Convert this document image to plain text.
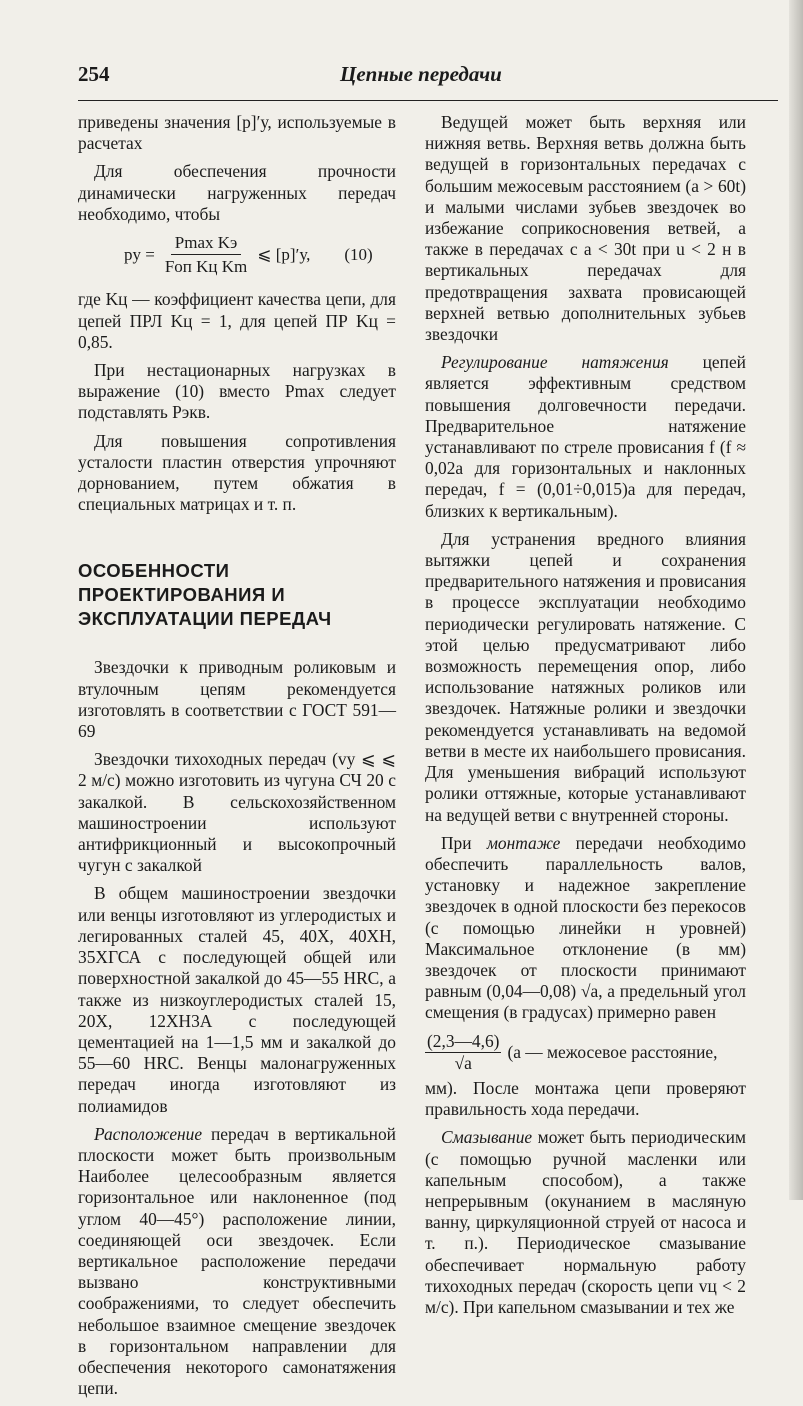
254	Цепные передачи

приведены значения [p]′у, используемые в расчетах

Для обеспечения прочности динамически нагруженных передач необходимо, чтобы

pу = $\frac{\text{Pmax Kэ}}{\text{Fоп Kц Km}}$ ⩽ [p]′у, (10)

где Kц — коэффициент качества цепи, для цепей ПРЛ Kц = 1, для цепей ПР Kц = 0,85.

При нестационарных нагрузках в выражение (10) вместо Pmax следует подставлять Pэкв.

Для повышения сопротивления усталости пластин отверстия упрочняют дорнованием, путем обжатия в специальных матрицах и т. п.

ОСОБЕННОСТИ ПРОЕКТИРОВАНИЯ И ЭКСПЛУАТАЦИИ ПЕРЕДАЧ

Звездочки к приводным роликовым и втулочным цепям рекомендуется изготовлять в соответствии с ГОСТ 591—69

Звездочки тихоходных передач (vу ⩽ ⩽ 2 м/с) можно изготовить из чугуна СЧ 20 с закалкой. В сельскохозяйственном машиностроении используют антифрикционный и высокопрочный чугун с закалкой

В общем машиностроении звездочки или венцы изготовляют из углеродистых и легированных сталей 45, 40Х, 40ХН, 35ХГСА с последующей общей или поверхностной закалкой до 45—55 HRC, а также из низкоуглеродистых сталей 15, 20Х, 12ХН3А с последующей цементацией на 1—1,5 мм и закалкой до 55—60 HRC. Венцы малонагруженных передач иногда изготовляют из полиамидов

Расположение передач в вертикальной плоскости может быть произвольным Наиболее целесообразным является горизонтальное или наклоненное (под углом 40—45°) расположение линии, соединяющей оси звездочек. Если вертикальное расположение передачи вызвано конструктивными соображениями, то следует обеспечить небольшое взаимное смещение звездочек в горизонтальном направлении для обеспечения некоторого самонатяжения цепи.

Ведущей может быть верхняя или нижняя ветвь. Верхняя ветвь должна быть ведущей в горизонтальных передачах с большим межосевым расстоянием (a > 60t) и малыми числами зубьев звездочек во избежание соприкосновения ветвей, а также в передачах с a < 30t при u < 2 н в вертикальных передачах для предотвращения захвата провисающей верхней ветвью дополнительных зубьев звездочки

Регулирование натяжения цепей является эффективным средством повышения долговечности передачи. Предварительное натяжение устанавливают по стреле провисания f (f ≈ 0,02a для горизонтальных и наклонных передач, f = (0,01÷0,015)a для передач, близких к вертикальным).

Для устранения вредного влияния вытяжки цепей и сохранения предварительного натяжения и провисания в процессе эксплуатации необходимо периодически регулировать натяжение. С этой целью предусматривают либо возможность перемещения опор, либо использование натяжных роликов или звездочек. Натяжные ролики и звездочки рекомендуется устанавливать на ведомой ветви в месте их наибольшего провисания. Для уменьшения вибраций используют ролики оттяжные, которые устанавливают на ведущей ветви с внутренней стороны.

При монтаже передачи необходимо обеспечить параллельность валов, установку и надежное закрепление звездочек в одной плоскости без перекосов (с помощью линейки н уровней) Максимальное отклонение (в мм) звездочек от плоскости принимают равным (0,04—0,08) √a, а предельный угол смещения (в градусах) примерно равен

$\frac{(2,3—4,6)}{√a} (a$ — межосевое расстояние,

мм). После монтажа цепи проверяют правильность хода передачи.

Смазывание может быть периодическим (с помощью ручной масленки или капельным способом), а также непрерывным (окунанием в масляную ванну, циркуляционной струей от насоса и т. п.). Периодическое смазывание обеспечивает нормальную работу тихоходных передач (скорость цепи vц < 2 м/с). При капельном смазывании и тех же
